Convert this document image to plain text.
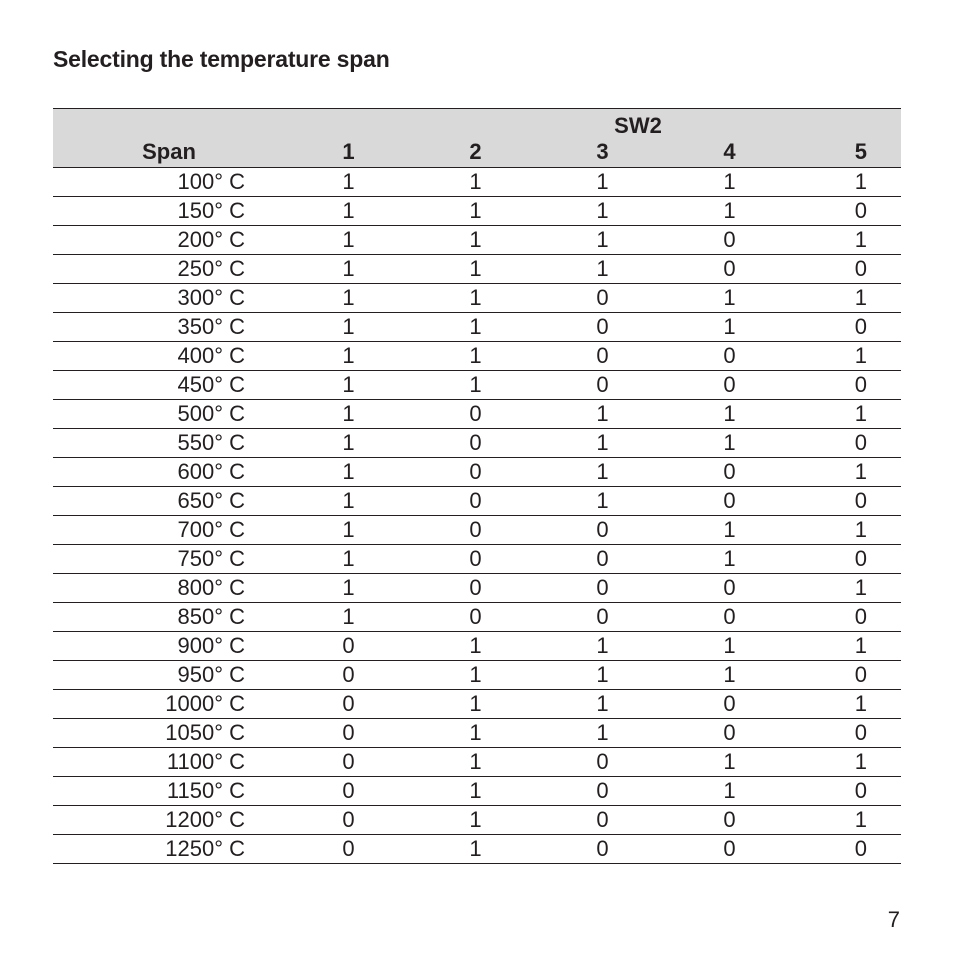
Selecting the temperature span
SW2					
Span	1	2	3	4	5
100° C	1	1	1	1	1
150° C	1	1	1	1	0
200° C	1	1	1	0	1
250° C	1	1	1	0	0
300° C	1	1	0	1	1
350° C	1	1	0	1	0
400° C	1	1	0	0	1
450° C	1	1	0	0	0
500° C	1	0	1	1	1
550° C	1	0	1	1	0
600° C	1	0	1	0	1
650° C	1	0	1	0	0
700° C	1	0	0	1	1
750° C	1	0	0	1	0
800° C	1	0	0	0	1
850° C	1	0	0	0	0
900° C	0	1	1	1	1
950° C	0	1	1	1	0
1000° C	0	1	1	0	1
1050° C	0	1	1	0	0
1100° C	0	1	0	1	1
1150° C	0	1	0	1	0
1200° C	0	1	0	0	1
1250° C	0	1	0	0	0
7
